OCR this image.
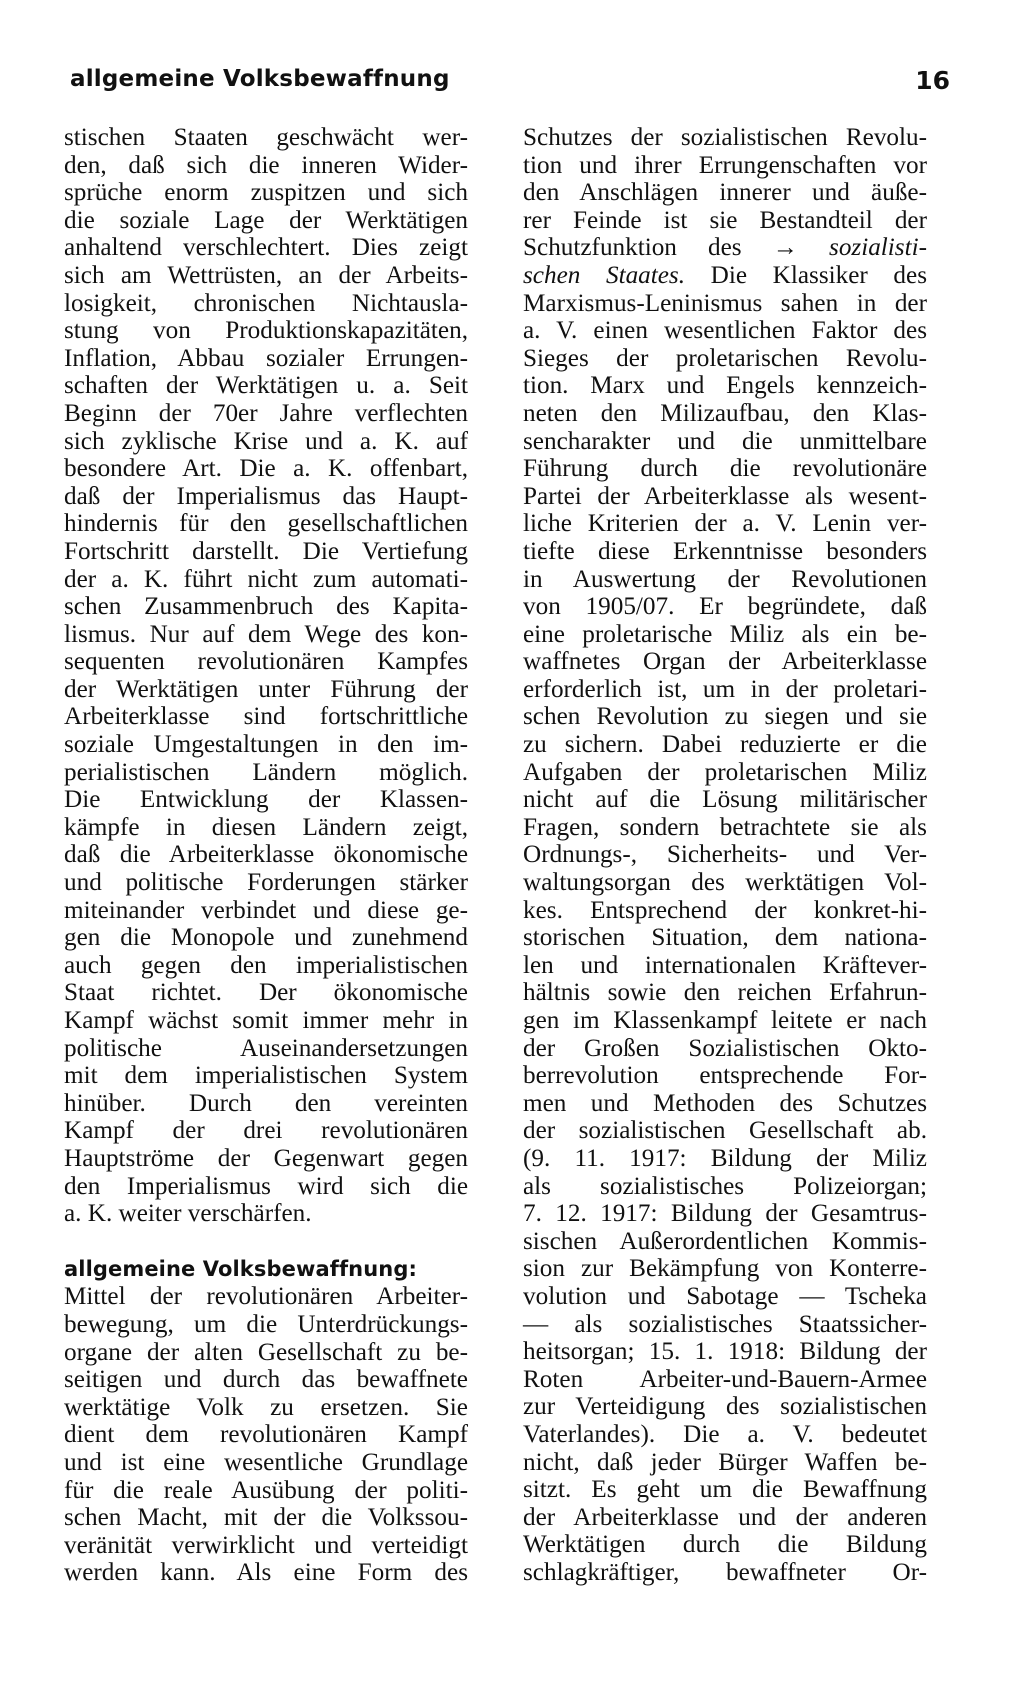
allgemeine Volksbewaffnung	16
stischen Staaten geschwächt wer-
den, daß sich die inneren Wider-
sprüche enorm zuspitzen und sich
die soziale Lage der Werktätigen
anhaltend verschlechtert. Dies zeigt
sich am Wettrüsten, an der Arbeits-
losigkeit, chronischen Nichtausla-
stung von Produktionskapazitäten,
Inflation, Abbau sozialer Errungen-
schaften der Werktätigen u. a. Seit
Beginn der 70er Jahre verflechten
sich zyklische Krise und a. K. auf
besondere Art. Die a. K. offenbart,
daß der Imperialismus das Haupt-
hindernis für den gesellschaftlichen
Fortschritt darstellt. Die Vertiefung
der a. K. führt nicht zum automati-
schen Zusammenbruch des Kapita-
lismus. Nur auf dem Wege des kon-
sequenten revolutionären Kampfes
der Werktätigen unter Führung der
Arbeiterklasse sind fortschrittliche
soziale Umgestaltungen in den im-
perialistischen Ländern möglich.
Die Entwicklung der Klassen-
kämpfe in diesen Ländern zeigt,
daß die Arbeiterklasse ökonomische
und politische Forderungen stärker
miteinander verbindet und diese ge-
gen die Monopole und zunehmend
auch gegen den imperialistischen
Staat richtet. Der ökonomische
Kampf wächst somit immer mehr in
politische Auseinandersetzungen
mit dem imperialistischen System
hinüber. Durch den vereinten
Kampf der drei revolutionären
Hauptströme der Gegenwart gegen
den Imperialismus wird sich die
a. K. weiter verschärfen.
allgemeine Volksbewaffnung:
Mittel der revolutionären Arbeiter-
bewegung, um die Unterdrückungs-
organe der alten Gesellschaft zu be-
seitigen und durch das bewaffnete
werktätige Volk zu ersetzen. Sie
dient dem revolutionären Kampf
und ist eine wesentliche Grundlage
für die reale Ausübung der politi-
schen Macht, mit der die Volkssou-
veränität verwirklicht und verteidigt
werden kann. Als eine Form des
Schutzes der sozialistischen Revolu-
tion und ihrer Errungenschaften vor
den Anschlägen innerer und äuße-
rer Feinde ist sie Bestandteil der
Schutzfunktion des → sozialisti-
schen Staates. Die Klassiker des
Marxismus-Leninismus sahen in der
a. V. einen wesentlichen Faktor des
Sieges der proletarischen Revolu-
tion. Marx und Engels kennzeich-
neten den Milizaufbau, den Klas-
sencharakter und die unmittelbare
Führung durch die revolutionäre
Partei der Arbeiterklasse als wesent-
liche Kriterien der a. V. Lenin ver-
tiefte diese Erkenntnisse besonders
in Auswertung der Revolutionen
von 1905/07. Er begründete, daß
eine proletarische Miliz als ein be-
waffnetes Organ der Arbeiterklasse
erforderlich ist, um in der proletari-
schen Revolution zu siegen und sie
zu sichern. Dabei reduzierte er die
Aufgaben der proletarischen Miliz
nicht auf die Lösung militärischer
Fragen, sondern betrachtete sie als
Ordnungs-, Sicherheits- und Ver-
waltungsorgan des werktätigen Vol-
kes. Entsprechend der konkret-hi-
storischen Situation, dem nationa-
len und internationalen Kräftever-
hältnis sowie den reichen Erfahrun-
gen im Klassenkampf leitete er nach
der Großen Sozialistischen Okto-
berrevolution entsprechende For-
men und Methoden des Schutzes
der sozialistischen Gesellschaft ab.
(9. 11. 1917: Bildung der Miliz
als sozialistisches Polizeiorgan;
7. 12. 1917: Bildung der Gesamtrus-
sischen Außerordentlichen Kommis-
sion zur Bekämpfung von Konterre-
volution und Sabotage — Tscheka
— als sozialistisches Staatssicher-
heitsorgan; 15. 1. 1918: Bildung der
Roten Arbeiter-und-Bauern-Armee
zur Verteidigung des sozialistischen
Vaterlandes). Die a. V. bedeutet
nicht, daß jeder Bürger Waffen be-
sitzt. Es geht um die Bewaffnung
der Arbeiterklasse und der anderen
Werktätigen durch die Bildung
schlagkräftiger, bewaffneter Or-
